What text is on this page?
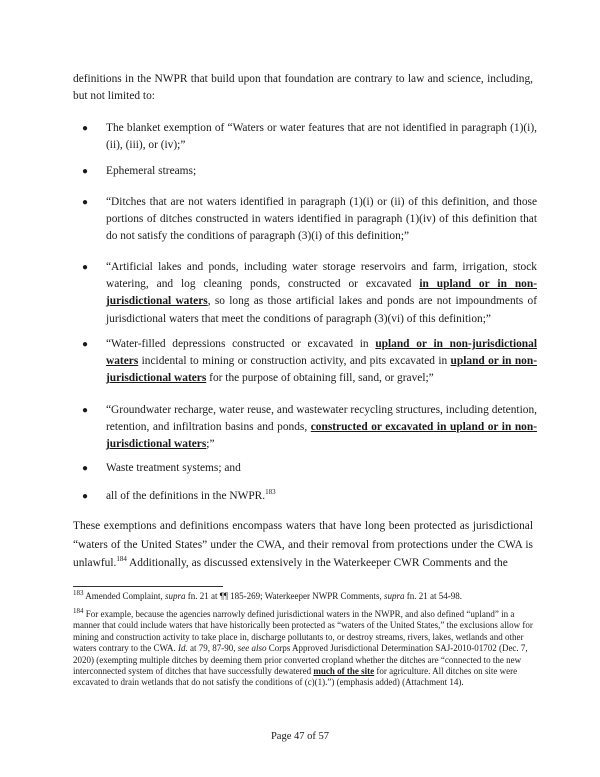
definitions in the NWPR that build upon that foundation are contrary to law and science, including, but not limited to:

●	The blanket exemption of “Waters or water features that are not identified in paragraph (1)(i), (ii), (iii), or (iv);”
●	Ephemeral streams;
●	“Ditches that are not waters identified in paragraph (1)(i) or (ii) of this definition, and those portions of ditches constructed in waters identified in paragraph (1)(iv) of this definition that do not satisfy the conditions of paragraph (3)(i) of this definition;”
●	“Artificial lakes and ponds, including water storage reservoirs and farm, irrigation, stock watering, and log cleaning ponds, constructed or excavated in upland or in non-jurisdictional waters, so long as those artificial lakes and ponds are not impoundments of jurisdictional waters that meet the conditions of paragraph (3)(vi) of this definition;”
●	“Water-filled depressions constructed or excavated in upland or in non-jurisdictional waters incidental to mining or construction activity, and pits excavated in upland or in non-jurisdictional waters for the purpose of obtaining fill, sand, or gravel;”
●	“Groundwater recharge, water reuse, and wastewater recycling structures, including detention, retention, and infiltration basins and ponds, constructed or excavated in upland or in non-jurisdictional waters;”
●	Waste treatment systems; and
●	all of the definitions in the NWPR.$^{183}$

These exemptions and definitions encompass waters that have long been protected as jurisdictional “waters of the United States” under the CWA, and their removal from protections under the CWA is unlawful.$^{184}$ Additionally, as discussed extensively in the Waterkeeper CWR Comments and the

$^{183}$ Amended Complaint, supra fn. 21 at ¶¶ 185-269; Waterkeeper NWPR Comments, supra fn. 21 at 54-98.

$^{184}$ For example, because the agencies narrowly defined jurisdictional waters in the NWPR, and also defined “upland” in a manner that could include waters that have historically been protected as “waters of the United States,” the exclusions allow for mining and construction activity to take place in, discharge pollutants to, or destroy streams, rivers, lakes, wetlands and other waters contrary to the CWA. Id. at 79, 87-90, see also Corps Approved Jurisdictional Determination SAJ-2010-01702 (Dec. 7, 2020) (exempting multiple ditches by deeming them prior converted cropland whether the ditches are “connected to the new interconnected system of ditches that have successfully dewatered much of the site for agriculture. All ditches on site were excavated to drain wetlands that do not satisfy the conditions of (c)(1).”) (emphasis added) (Attachment 14).

Page 47 of 57
